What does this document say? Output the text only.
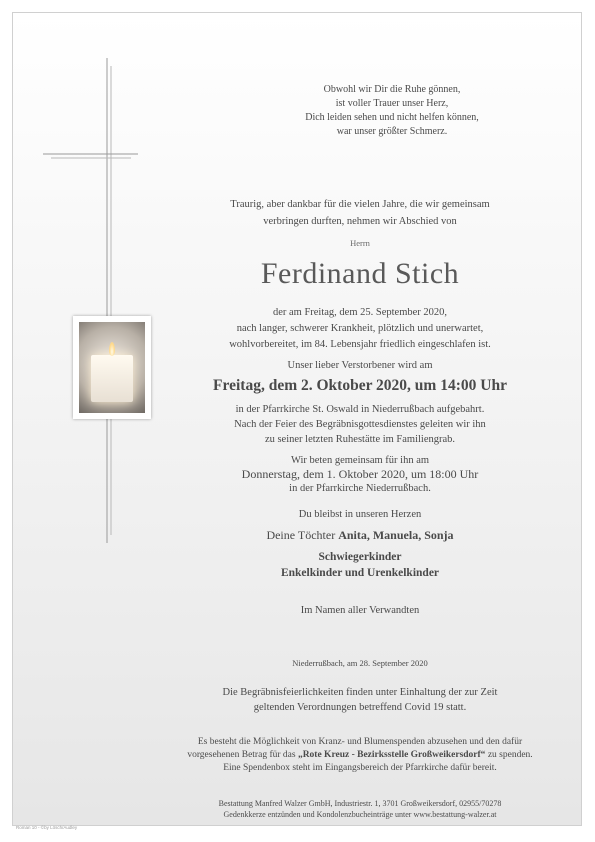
Obwohl wir Dir die Ruhe gönnen,
ist voller Trauer unser Herz,
Dich leiden sehen und nicht helfen können,
war unser größter Schmerz.

Traurig, aber dankbar für die vielen Jahre, die wir gemeinsam
verbringen durften, nehmen wir Abschied von

Herrn

Ferdinand Stich

der am Freitag, dem 25. September 2020,
nach langer, schwerer Krankheit, plötzlich und unerwartet,
wohlvorbereitet, im 84. Lebensjahr friedlich eingeschlafen ist.

Unser lieber Verstorbener wird am

Freitag, dem 2. Oktober 2020, um 14:00 Uhr

in der Pfarrkirche St. Oswald in Niederrußbach aufgebahrt.
Nach der Feier des Begräbnisgottesdienstes geleiten wir ihn
zu seiner letzten Ruhestätte im Familiengrab.

Wir beten gemeinsam für ihn am

Donnerstag, dem 1. Oktober 2020, um 18:00 Uhr

in der Pfarrkirche Niederrußbach.

Du bleibst in unseren Herzen

Deine Töchter Anita, Manuela, Sonja

Schwiegerkinder
Enkelkinder und Urenkelkinder

Im Namen aller Verwandten

Niederrußbach, am 28. September 2020

Die Begräbnisfeierlichkeiten finden unter Einhaltung der zur Zeit
geltenden Verordnungen betreffend Covid 19 statt.

Es besteht die Möglichkeit von Kranz- und Blumenspenden abzusehen und den dafür
vorgesehenen Betrag für das „Rote Kreuz - Bezirksstelle Großweikersdorf“ zu spenden.
Eine Spendenbox steht im Eingangsbereich der Pfarrkirche dafür bereit.

Bestattung Manfred Walzer GmbH, Industriestr. 1, 3701 Großweikersdorf, 02955/70278
Gedenkkerze entzünden und Kondolenzbucheinträge unter www.bestattung-walzer.at

Roman 10 - ©by Lösch/Audley
